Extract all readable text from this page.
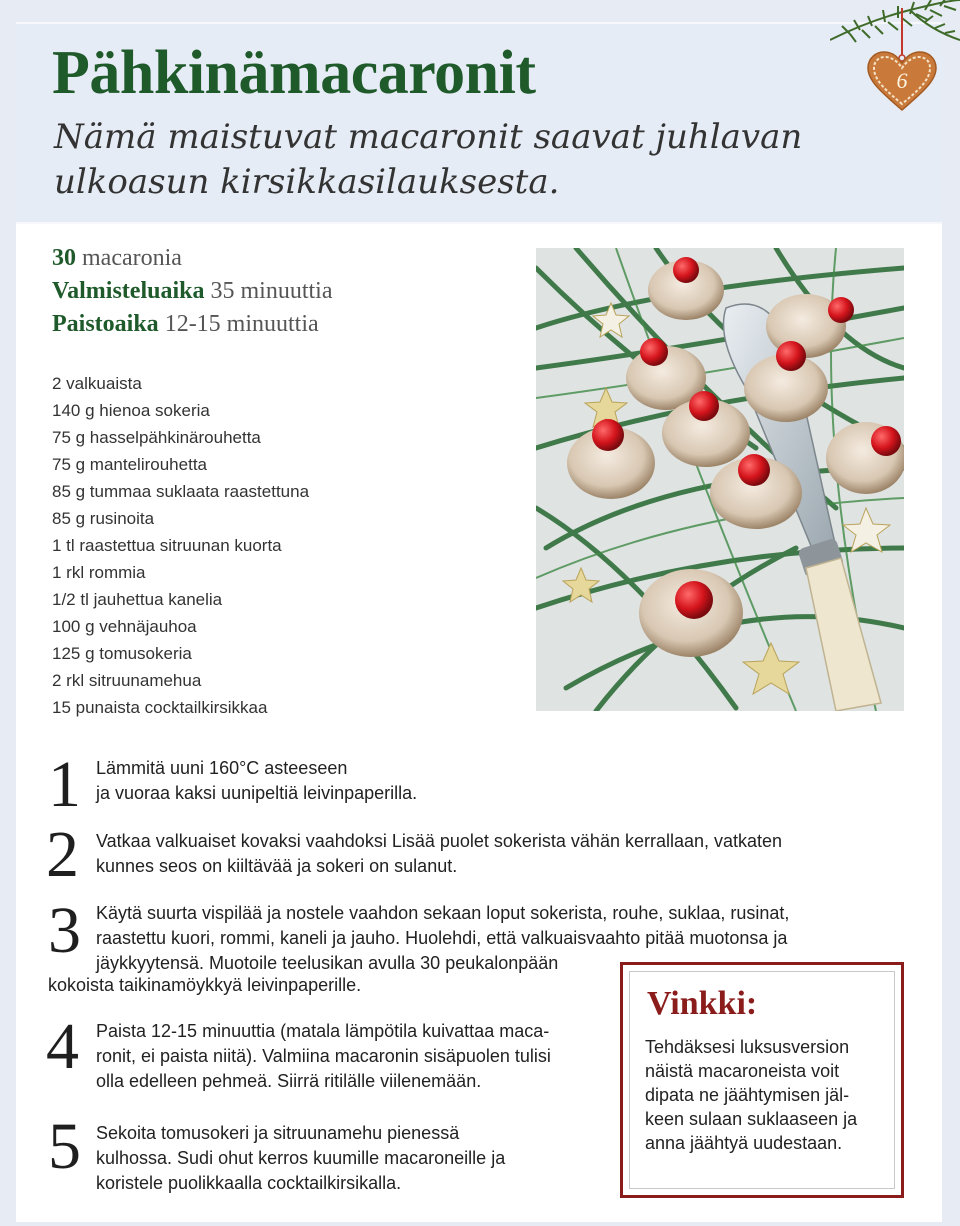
Pähkinämacaronit

Nämä maistuvat macaronit saavat juhlavan ulkoasun kirsikkasilauksesta.

6
30 macaronia
Valmisteluaika 35 minuuttia
Paistoaika 12-15 minuuttia
2 valkuaista
140 g hienoa sokeria
75 g hasselpähkinärouhetta
75 g mantelirouhetta
85 g tummaa suklaata raastettuna
85 g rusinoita
1 tl raastettua sitruunan kuorta
1 rkl rommia
1/2 tl jauhettua kanelia
100 g vehnäjauhoa
125 g tomusokeria
2 rkl sitruunamehua
15 punaista cocktailkirsikkaa
1 Lämmitä uuni 160°C asteeseen
ja vuoraa kaksi uunipeltiä leivinpaperilla.
2 Vatkaa valkuaiset kovaksi vaahdoksi Lisää puolet sokerista vähän kerrallaan, vatkaten
kunnes seos on kiiltävää ja sokeri on sulanut.
3 Käytä suurta vispilää ja nostele vaahdon sekaan loput sokerista, rouhe, suklaa, rusinat,
raastettu kuori, rommi, kaneli ja jauho. Huolehdi, että valkuaisvaahto pitää muotonsa ja
jäykkyytensä. Muotoile teelusikan avulla 30 peukalonpään
kokoista taikinamöykkyä leivinpaperille.
4 Paista 12-15 minuuttia (matala lämpötila kuivattaa maca-
ronit, ei paista niitä). Valmiina macaronin sisäpuolen tulisi
olla edelleen pehmeä. Siirrä ritilälle viilenemään.
5 Sekoita tomusokeri ja sitruunamehu pienessä
kulhossa. Sudi ohut kerros kuumille macaroneille ja
koristele puolikkaalla cocktailkirsikalla.
Vinkki:
Tehdäksesi luksusversion
näistä macaroneista voit
dipata ne jäähtymisen jäl-
keen sulaan suklaaseen ja
anna jäähtyä uudestaan.
